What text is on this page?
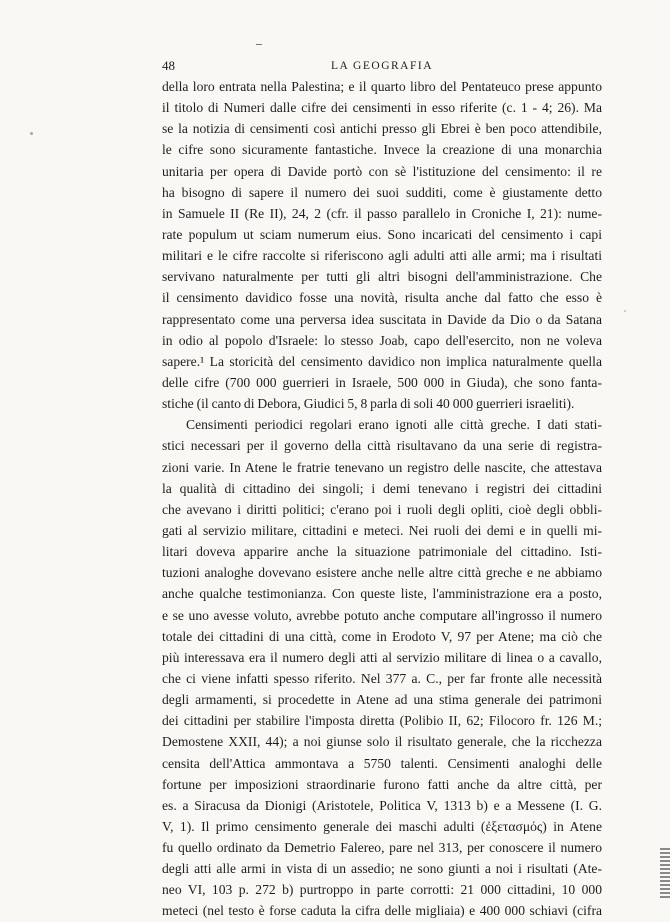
48	LA GEOGRAFIA
della loro entrata nella Palestina; e il quarto libro del Pentateuco prese appunto
il titolo di Numeri dalle cifre dei censimenti in esso riferite (c. 1 - 4; 26). Ma
se la notizia di censimenti così antichi presso gli Ebrei è ben poco attendibile,
le cifre sono sicuramente fantastiche. Invece la creazione di una monarchia
unitaria per opera di Davide portò con sè l'istituzione del censimento: il re
ha bisogno di sapere il numero dei suoi sudditi, come è giustamente detto
in Samuele II (Re II), 24, 2 (cfr. il passo parallelo in Croniche I, 21): nume-
rate populum ut sciam numerum eius. Sono incaricati del censimento i capi
militari e le cifre raccolte si riferiscono agli adulti atti alle armi; ma i risultati
servivano naturalmente per tutti gli altri bisogni dell'amministrazione. Che
il censimento davidico fosse una novità, risulta anche dal fatto che esso è
rappresentato come una perversa idea suscitata in Davide da Dio o da Satana
in odio al popolo d'Israele: lo stesso Joab, capo dell'esercito, non ne voleva
sapere.¹ La storicità del censimento davidico non implica naturalmente quella
delle cifre (700 000 guerrieri in Israele, 500 000 in Giuda), che sono fanta-
stiche (il canto di Debora, Giudici 5, 8 parla di soli 40 000 guerrieri israeliti).
Censimenti periodici regolari erano ignoti alle città greche. I dati stati-
stici necessari per il governo della città risultavano da una serie di registra-
zioni varie. In Atene le fratrie tenevano un registro delle nascite, che attestava
la qualità di cittadino dei singoli; i demi tenevano i registri dei cittadini
che avevano i diritti politici; c'erano poi i ruoli degli opliti, cioè degli obbli-
gati al servizio militare, cittadini e meteci. Nei ruoli dei demi e in quelli mi-
litari doveva apparire anche la situazione patrimoniale del cittadino. Isti-
tuzioni analoghe dovevano esistere anche nelle altre città greche e ne abbiamo
anche qualche testimonianza. Con queste liste, l'amministrazione era a posto,
e se uno avesse voluto, avrebbe potuto anche computare all'ingrosso il numero
totale dei cittadini di una città, come in Erodoto V, 97 per Atene; ma ciò che
più interessava era il numero degli atti al servizio militare di linea o a cavallo,
che ci viene infatti spesso riferito. Nel 377 a. C., per far fronte alle necessità
degli armamenti, si procedette in Atene ad una stima generale dei patrimoni
dei cittadini per stabilire l'imposta diretta (Polibio II, 62; Filocoro fr. 126 M.;
Demostene XXII, 44); a noi giunse solo il risultato generale, che la ricchezza
censita dell'Attica ammontava a 5750 talenti. Censimenti analoghi delle
fortune per imposizioni straordinarie furono fatti anche da altre città, per
es. a Siracusa da Dionigi (Aristotele, Politica V, 1313 b) e a Messene (I. G.
V, 1). Il primo censimento generale dei maschi adulti (ἐξετασμός) in Atene
fu quello ordinato da Demetrio Falereo, pare nel 313, per conoscere il numero
degli atti alle armi in vista di un assedio; ne sono giunti a noi i risultati (Ate-
neo VI, 103 p. 272 b) purtroppo in parte corrotti: 21 000 cittadini, 10 000
meteci (nel testo è forse caduta la cifra delle migliaia) e 400 000 schiavi (cifra
